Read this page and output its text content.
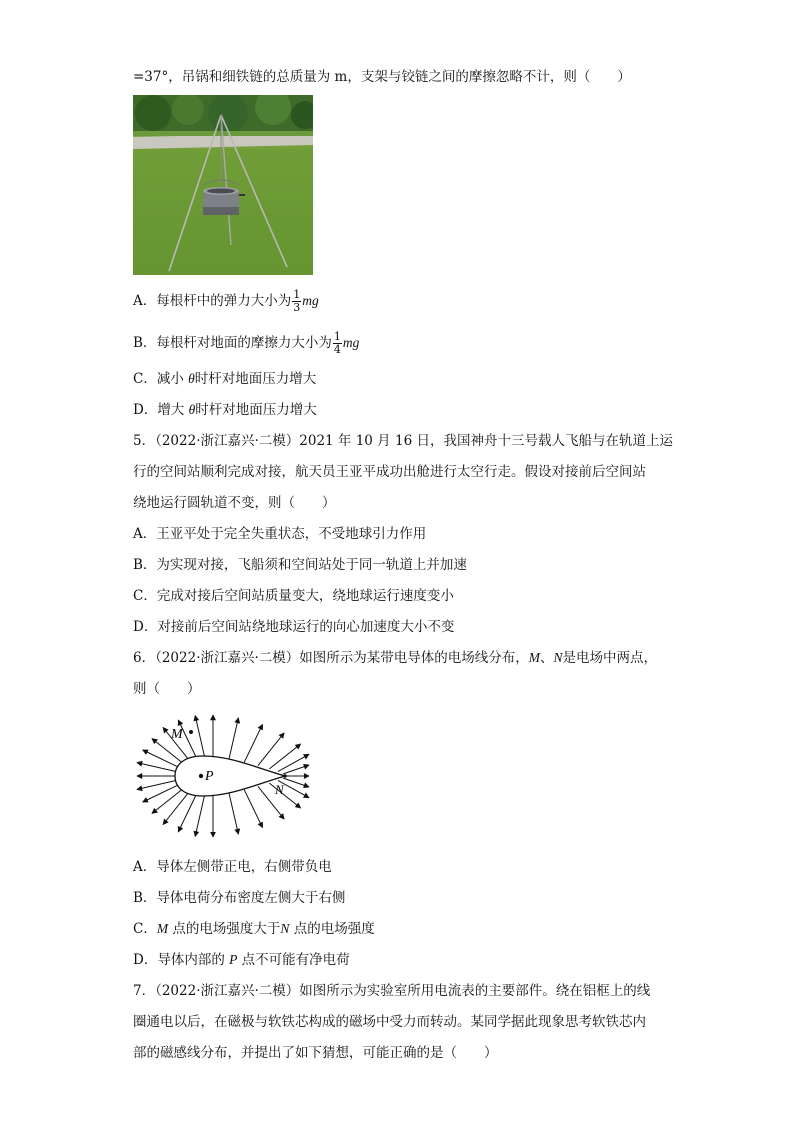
=37°，吊锅和细铁链的总质量为 m，支架与铰链之间的摩擦忽略不计，则（　　）
A．每根杆中的弹力大小为 $\frac{1}{3}$ mg
B．每根杆对地面的摩擦力大小为 $\frac{1}{4}$ mg
C．减小 θ时杆对地面压力增大
D．增大 θ时杆对地面压力增大
5．（2022·浙江嘉兴·二模）2021 年 10 月 16 日，我国神舟十三号载人飞船与在轨道上运
行的空间站顺利完成对接，航天员王亚平成功出舱进行太空行走。假设对接前后空间站
绕地运行圆轨道不变，则（　　）
A．王亚平处于完全失重状态，不受地球引力作用
B．为实现对接，飞船须和空间站处于同一轨道上并加速
C．完成对接后空间站质量变大，绕地球运行速度变小
D．对接前后空间站绕地球运行的向心加速度大小不变
6．（2022·浙江嘉兴·二模）如图所示为某带电导体的电场线分布，M、N是电场中两点，
则（　　）
P
M
N
A．导体左侧带正电，右侧带负电
B．导体电荷分布密度左侧大于右侧
C．M 点的电场强度大于N 点的电场强度
D．导体内部的 P 点不可能有净电荷
7．（2022·浙江嘉兴·二模）如图所示为实验室所用电流表的主要部件。绕在铝框上的线
圈通电以后，在磁极与软铁芯构成的磁场中受力而转动。某同学据此现象思考软铁芯内
部的磁感线分布，并提出了如下猜想，可能正确的是（　　）
